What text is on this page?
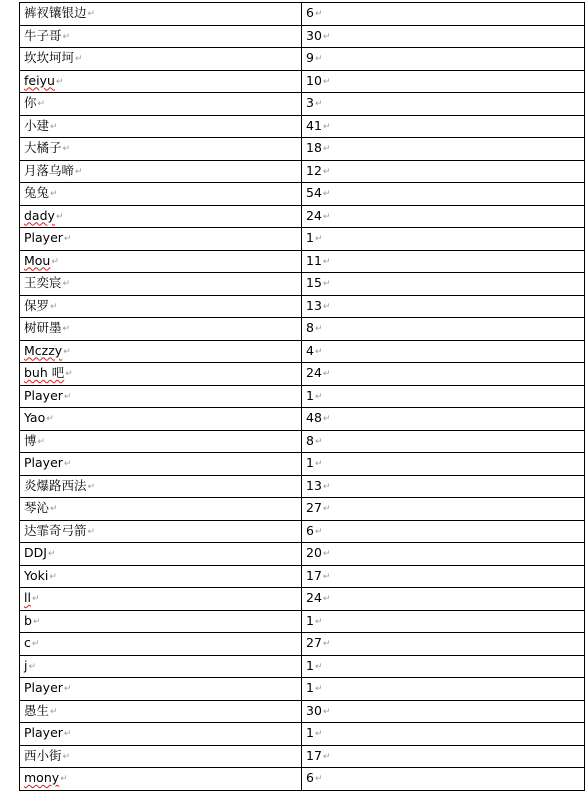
裤衩镶银边↵	6↵
牛子哥↵	30↵
坎坎坷坷↵	9↵
feiyu↵	10↵
你↵	3↵
小建↵	41↵
大橘子↵	18↵
月落乌啼↵	12↵
兔兔↵	54↵
dady↵	24↵
Player↵	1↵
Mou↵	11↵
王奕宸↵	15↵
保罗↵	13↵
树研墨↵	8↵
Mczzy↵	4↵
buh 吧↵	24↵
Player↵	1↵
Yao↵	48↵
博↵	8↵
Player↵	1↵
炎爆路西法↵	13↵
琴沁↵	27↵
达霏奇弓箭↵	6↵
DDJ↵	20↵
Yoki↵	17↵
ll↵	24↵
b↵	1↵
c↵	27↵
j↵	1↵
Player↵	1↵
愚生↵	30↵
Player↵	1↵
西小街↵	17↵
mony↵	6↵
